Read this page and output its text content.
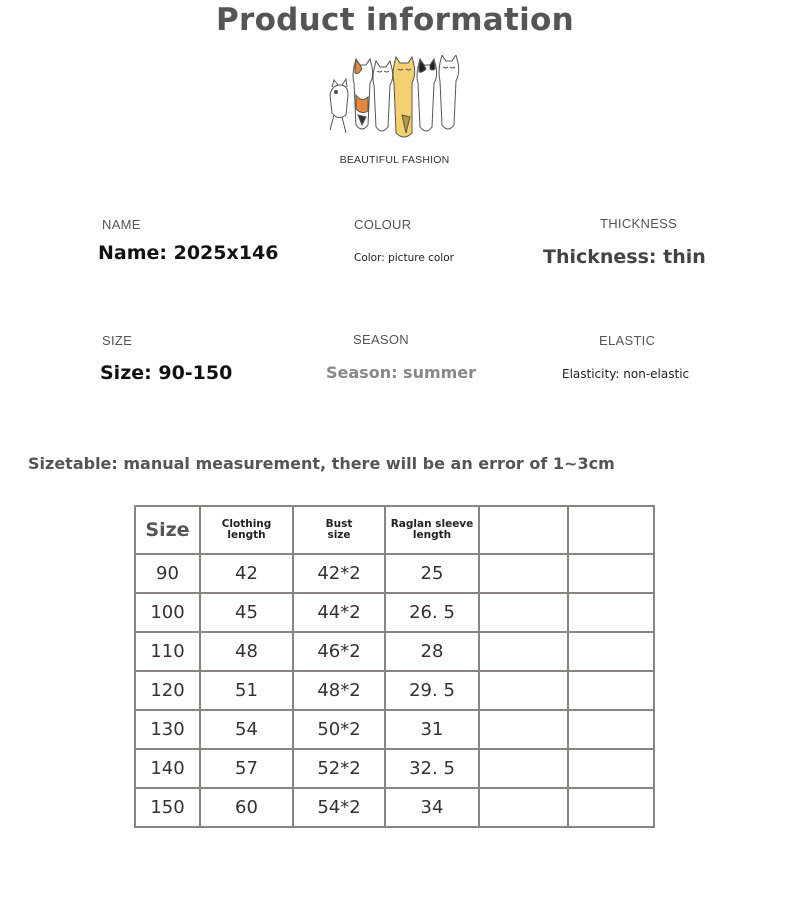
Product information
BEAUTIFUL FASHION
NAME
Name: 2025x146
COLOUR
Color: picture color
THICKNESS
Thickness: thin
SIZE
Size: 90-150
SEASON
Season: summer
ELASTIC
Elasticity: non-elastic
Sizetable: manual measurement, there will be an error of 1~3cm
Size	Clothing length	Bust size	Raglan sleeve length		

90	42	42*2	25		
100	45	44*2	26. 5		
110	48	46*2	28		
120	51	48*2	29. 5		
130	54	50*2	31		
140	57	52*2	32. 5		
150	60	54*2	34		
